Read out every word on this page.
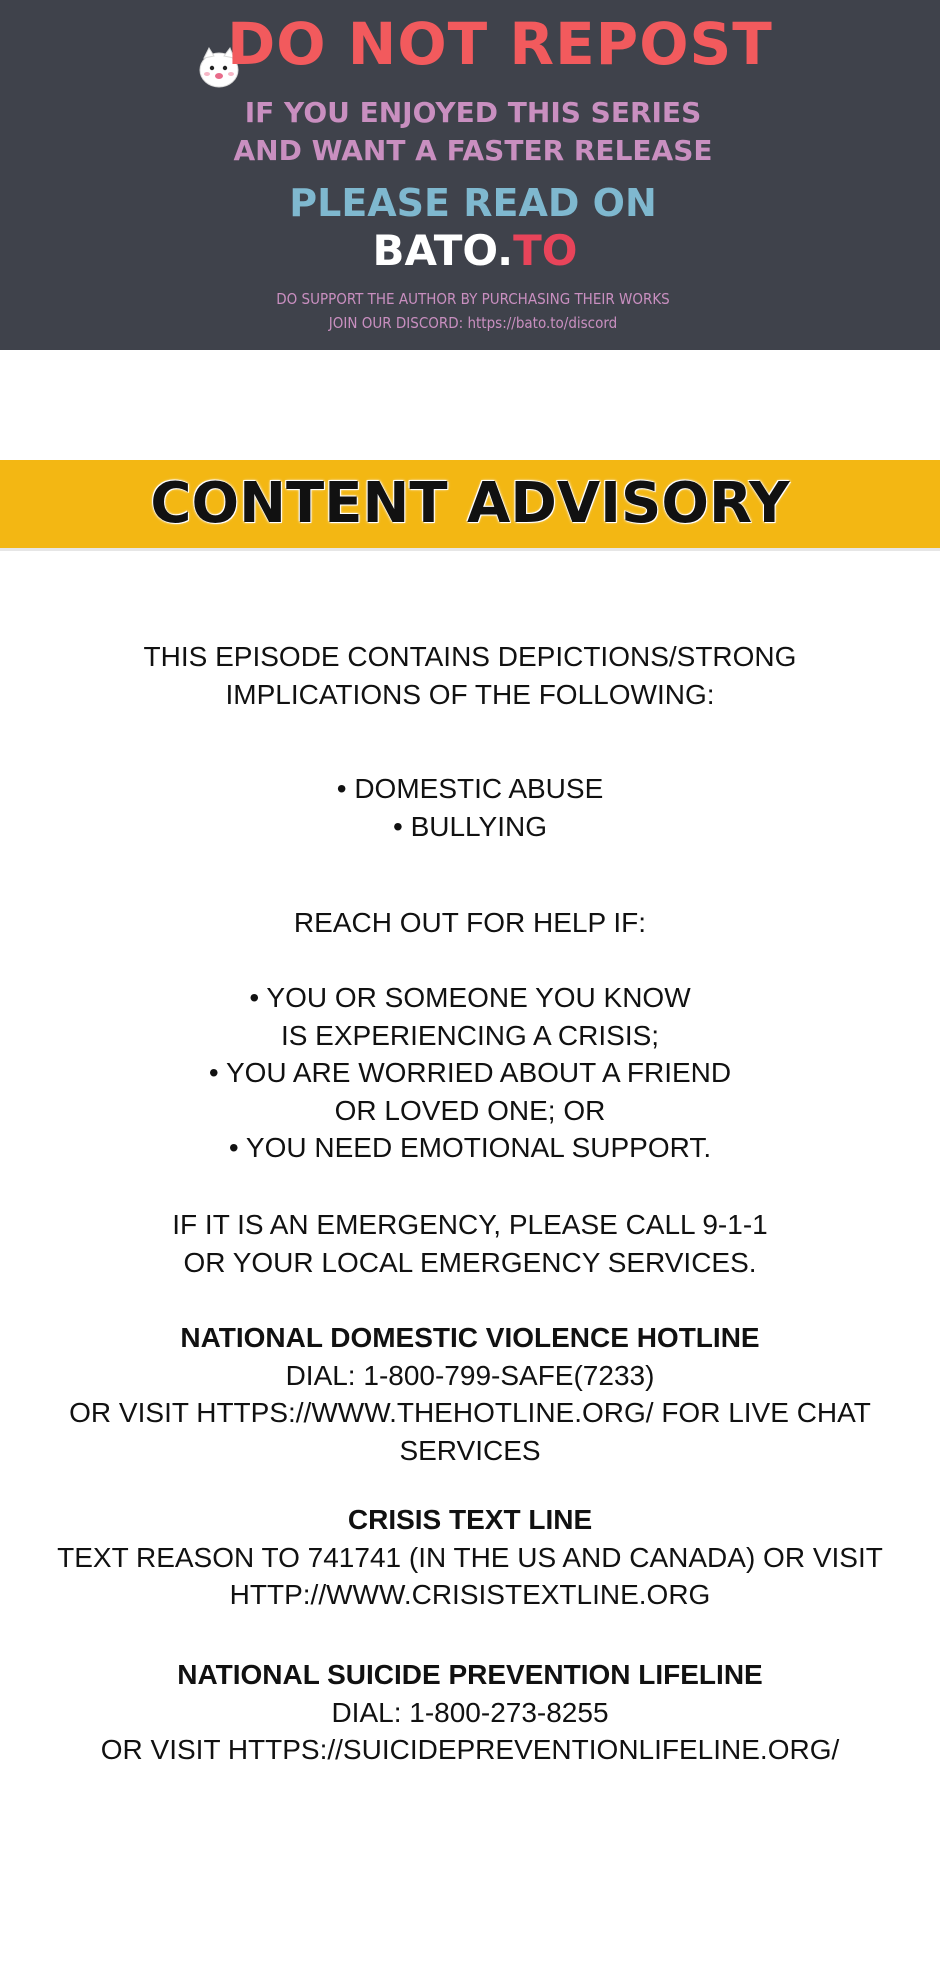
DO NOT REPOST
IF YOU ENJOYED THIS SERIES
AND WANT A FASTER RELEASE
PLEASE READ ON
BATO.TO
DO SUPPORT THE AUTHOR BY PURCHASING THEIR WORKS
JOIN OUR DISCORD: https://bato.to/discord
CONTENT ADVISORY
THIS EPISODE CONTAINS DEPICTIONS/STRONG
IMPLICATIONS OF THE FOLLOWING:
• DOMESTIC ABUSE
• BULLYING
REACH OUT FOR HELP IF:
• YOU OR SOMEONE YOU KNOW
IS EXPERIENCING A CRISIS;
• YOU ARE WORRIED ABOUT A FRIEND
OR LOVED ONE; OR
• YOU NEED EMOTIONAL SUPPORT.
IF IT IS AN EMERGENCY, PLEASE CALL 9-1-1
OR YOUR LOCAL EMERGENCY SERVICES.
NATIONAL DOMESTIC VIOLENCE HOTLINE
DIAL: 1-800-799-SAFE(7233)
OR VISIT HTTPS://WWW.THEHOTLINE.ORG/ FOR LIVE CHAT
SERVICES
CRISIS TEXT LINE
TEXT REASON TO 741741 (IN THE US AND CANADA) OR VISIT
HTTP://WWW.CRISISTEXTLINE.ORG
NATIONAL SUICIDE PREVENTION LIFELINE
DIAL: 1-800-273-8255
OR VISIT HTTPS://SUICIDEPREVENTIONLIFELINE.ORG/
